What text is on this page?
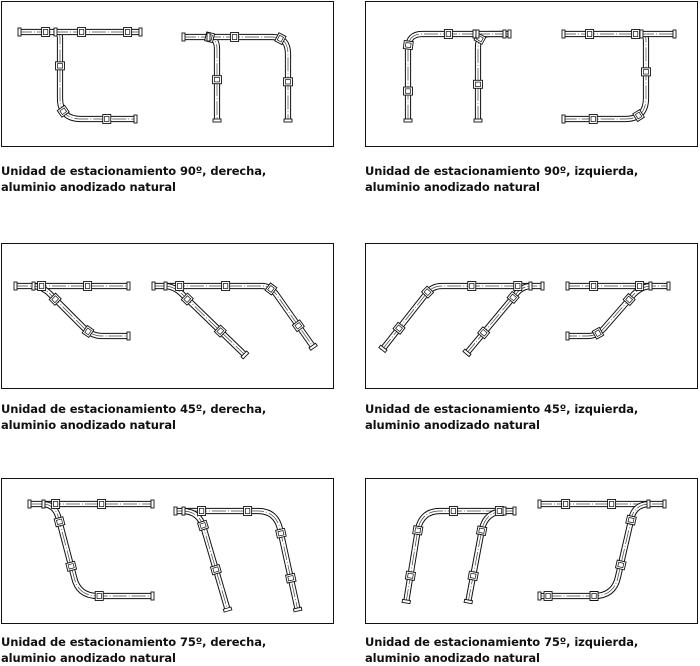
Unidad de estacionamiento 90º, derecha,
aluminio anodizado natural
Unidad de estacionamiento 90º, izquierda,
aluminio anodizado natural
Unidad de estacionamiento 45º, derecha,
aluminio anodizado natural
Unidad de estacionamiento 45º, izquierda,
aluminio anodizado natural
Unidad de estacionamiento 75º, derecha,
aluminio anodizado natural
Unidad de estacionamiento 75º, izquierda,
aluminio anodizado natural
